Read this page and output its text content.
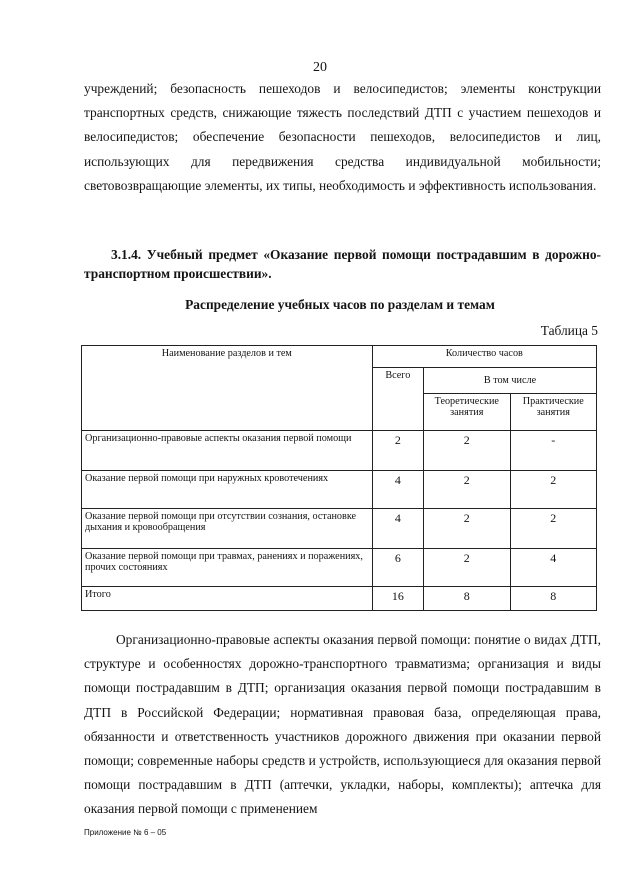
20

учреждений; безопасность пешеходов и велосипедистов; элементы конструкции транспортных средств, снижающие тяжесть последствий ДТП с участием пешеходов и велосипедистов; обеспечение безопасности пешеходов, велосипедистов и лиц, использующих для передвижения средства индивидуальной мобильности; световозвращающие элементы, их типы, необходимость и эффективность использования.

3.1.4. Учебный предмет «Оказание первой помощи пострадавшим в дорожно-транспортном происшествии».

Распределение учебных часов по разделам и темам
Таблица 5
Наименование разделов и тем	Количество часов		
	Всего	В том числе	
		Теоретические занятия	Практические занятия
Организационно-правовые аспекты оказания первой помощи	2	2	-
Оказание первой помощи при наружных кровотечениях	4	2	2
Оказание первой помощи при отсутствии сознания, остановке дыхания и кровообращения	4	2	2
Оказание первой помощи при травмах, ранениях и поражениях, прочих состояниях	6	2	4
Итого	16	8	8

Организационно-правовые аспекты оказания первой помощи: понятие о видах ДТП, структуре и особенностях дорожно-транспортного травматизма; организация и виды помощи пострадавшим в ДТП; организация оказания первой помощи пострадавшим в ДТП в Российской Федерации; нормативная правовая база, определяющая права, обязанности и ответственность участников дорожного движения при оказании первой помощи; современные наборы средств и устройств, использующиеся для оказания первой помощи пострадавшим в ДТП (аптечки, укладки, наборы, комплекты); аптечка для оказания первой помощи с применением

Приложение № 6 – 05
